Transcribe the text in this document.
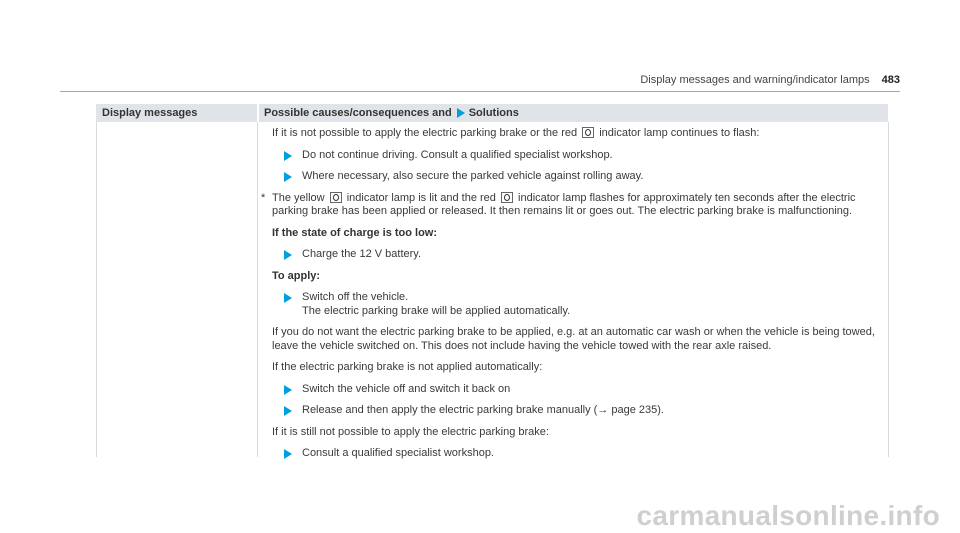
Display messages and warning/indicator lamps 483
Display messages	Possible causes/consequences and Solutions

If it is not possible to apply the electric parking brake or the red indicator lamp continues to flash:

Do not continue driving. Consult a qualified specialist workshop.
Where necessary, also secure the parked vehicle against rolling away.

* The yellow indicator lamp is lit and the red indicator lamp flashes for approximately ten seconds after the electric parking brake has been applied or released. It then remains lit or goes out. The electric parking brake is malfunctioning.

If the state of charge is too low:

Charge the 12 V battery.

To apply:

Switch off the vehicle.
The electric parking brake will be applied automatically.

If you do not want the electric parking brake to be applied, e.g. at an automatic car wash or when the vehicle is being towed, leave the vehicle switched on. This does not include having the vehicle towed with the rear axle raised.

If the electric parking brake is not applied automatically:

Switch the vehicle off and switch it back on
Release and then apply the electric parking brake manually (→ page 235).

If it is still not possible to apply the electric parking brake:

Consult a qualified specialist workshop.
carmanualsonline.info
